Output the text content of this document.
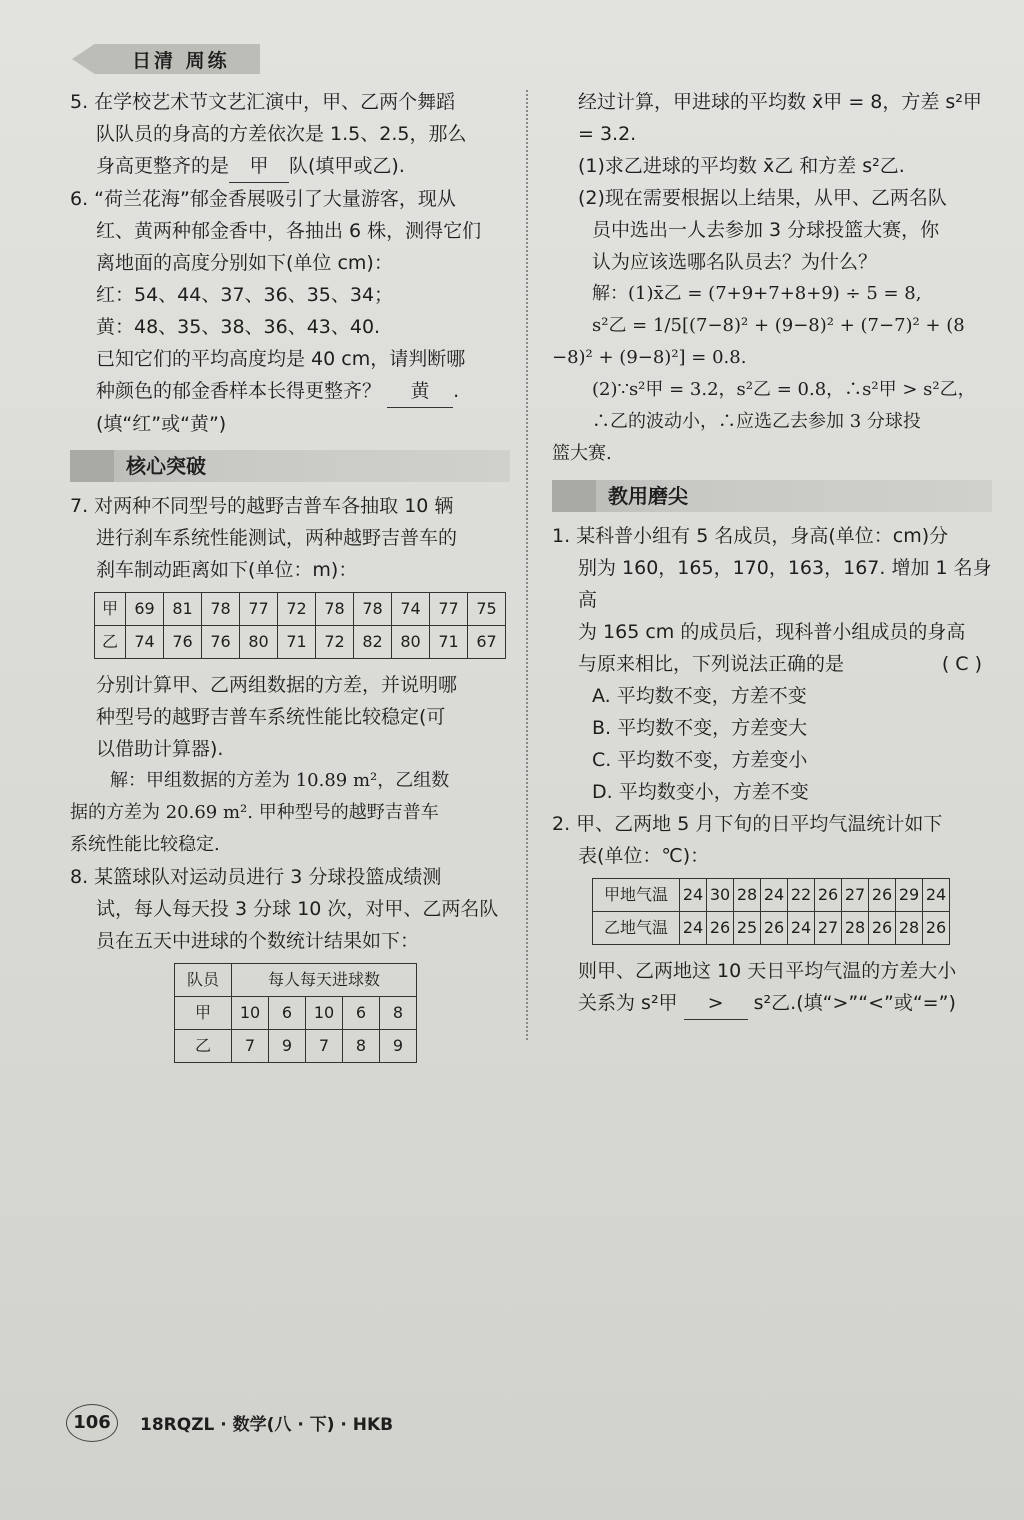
日清 周练

5. 在学校艺术节文艺汇演中，甲、乙两个舞蹈

队队员的身高的方差依次是 1.5、2.5，那么

身高更整齐的是 甲 队(填甲或乙).

6. “荷兰花海”郁金香展吸引了大量游客，现从

红、黄两种郁金香中，各抽出 6 株，测得它们

离地面的高度分别如下(单位 cm)：

红：54、44、37、36、35、34；

黄：48、35、38、36、43、40.

已知它们的平均高度均是 40 cm，请判断哪

种颜色的郁金香样本长得更整齐？ 黄 .

(填“红”或“黄”)

核心突破

7. 对两种不同型号的越野吉普车各抽取 10 辆

进行刹车系统性能测试，两种越野吉普车的

刹车制动距离如下(单位：m)：

甲	69	81	78	77	72	78	78	74	77	75
乙	74	76	76	80	71	72	82	80	71	67

分别计算甲、乙两组数据的方差，并说明哪

种型号的越野吉普车系统性能比较稳定(可

以借助计算器).

解：甲组数据的方差为 10.89 m²，乙组数

据的方差为 20.69 m². 甲种型号的越野吉普车

系统性能比较稳定.

8. 某篮球队对运动员进行 3 分球投篮成绩测

试，每人每天投 3 分球 10 次，对甲、乙两名队

员在五天中进球的个数统计结果如下：

队员	每人每天进球数				
甲	10	6	10	6	8
乙	7	9	7	8	9

经过计算，甲进球的平均数 x̄甲 = 8，方差 s²甲

= 3.2.

(1)求乙进球的平均数 x̄乙 和方差 s²乙.

(2)现在需要根据以上结果，从甲、乙两名队

员中选出一人去参加 3 分球投篮大赛，你

认为应该选哪名队员去？为什么？

解：(1)x̄乙 = (7+9+7+8+9) ÷ 5 = 8,

s²乙 = 1/5[(7−8)² + (9−8)² + (7−7)² + (8

−8)² + (9−8)²] = 0.8.

(2)∵s²甲 = 3.2，s²乙 = 0.8，∴s²甲 > s²乙，

∴乙的波动小，∴应选乙去参加 3 分球投

篮大赛.

教用磨尖

1. 某科普小组有 5 名成员，身高(单位：cm)分

别为 160，165，170，163，167. 增加 1 名身高

为 165 cm 的成员后，现科普小组成员的身高

与原来相比，下列说法正确的是	( C )

A. 平均数不变，方差不变

B. 平均数不变，方差变大

C. 平均数不变，方差变小

D. 平均数变小，方差不变

2. 甲、乙两地 5 月下旬的日平均气温统计如下

表(单位：℃)：

甲地气温	24	30	28	24	22	26	27	26	29	24
乙地气温	24	26	25	26	24	27	28	26	28	26

则甲、乙两地这 10 天日平均气温的方差大小

关系为 s²甲 > s²乙.(填“>”“<”或“=”)

106	18RQZL · 数学(八 · 下) · HKB
